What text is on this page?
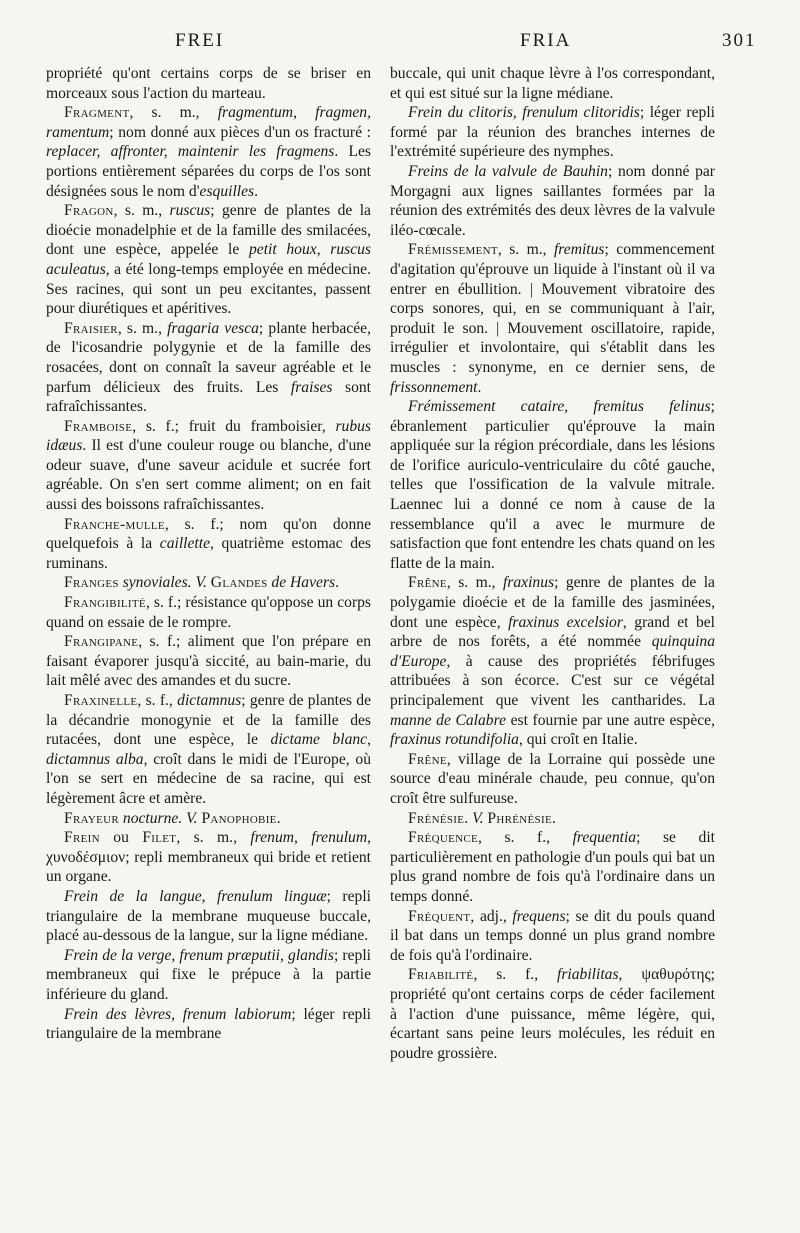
FREI	FRIA	301

propriété qu'ont certains corps de se briser en morceaux sous l'action du marteau.

Fragment, s. m., fragmentum, fragmen, ramentum; nom donné aux pièces d'un os fracturé : replacer, affronter, maintenir les fragmens. Les portions entièrement séparées du corps de l'os sont désignées sous le nom d'esquilles.

Fragon, s. m., ruscus; genre de plantes de la dioécie monadelphie et de la famille des smilacées, dont une espèce, appelée le petit houx, ruscus aculeatus, a été long-temps employée en médecine. Ses racines, qui sont un peu excitantes, passent pour diurétiques et apéritives.

Fraisier, s. m., fragaria vesca; plante herbacée, de l'icosandrie polygynie et de la famille des rosacées, dont on connaît la saveur agréable et le parfum délicieux des fruits. Les fraises sont rafraîchissantes.

Framboise, s. f.; fruit du framboisier, rubus idæus. Il est d'une couleur rouge ou blanche, d'une odeur suave, d'une saveur acidule et sucrée fort agréable. On s'en sert comme aliment; on en fait aussi des boissons rafraîchissantes.

Franche-mulle, s. f.; nom qu'on donne quelquefois à la caillette, quatrième estomac des ruminans.

Franges synoviales. V. Glandes de Havers.

Frangibilité, s. f.; résistance qu'oppose un corps quand on essaie de le rompre.

Frangipane, s. f.; aliment que l'on prépare en faisant évaporer jusqu'à siccité, au bain-marie, du lait mêlé avec des amandes et du sucre.

Fraxinelle, s. f., dictamnus; genre de plantes de la décandrie monogynie et de la famille des rutacées, dont une espèce, le dictame blanc, dictamnus alba, croît dans le midi de l'Europe, où l'on se sert en médecine de sa racine, qui est légèrement âcre et amère.

Frayeur nocturne. V. Panophobie.

Frein ou Filet, s. m., frenum, frenulum, χυνοδέσμιον; repli membraneux qui bride et retient un organe.

Frein de la langue, frenulum linguæ; repli triangulaire de la membrane muqueuse buccale, placé au-dessous de la langue, sur la ligne médiane.

Frein de la verge, frenum præputii, glandis; repli membraneux qui fixe le prépuce à la partie inférieure du gland.

Frein des lèvres, frenum labiorum; léger repli triangulaire de la membrane

buccale, qui unit chaque lèvre à l'os correspondant, et qui est situé sur la ligne médiane.

Frein du clitoris, frenulum clitoridis; léger repli formé par la réunion des branches internes de l'extrémité supérieure des nymphes.

Freins de la valvule de Bauhin; nom donné par Morgagni aux lignes saillantes formées par la réunion des extrémités des deux lèvres de la valvule iléo-cœcale.

Frémissement, s. m., fremitus; commencement d'agitation qu'éprouve un liquide à l'instant où il va entrer en ébullition. | Mouvement vibratoire des corps sonores, qui, en se communiquant à l'air, produit le son. | Mouvement oscillatoire, rapide, irrégulier et involontaire, qui s'établit dans les muscles : synonyme, en ce dernier sens, de frissonnement.

Frémissement cataire, fremitus felinus; ébranlement particulier qu'éprouve la main appliquée sur la région précordiale, dans les lésions de l'orifice auriculo-ventriculaire du côté gauche, telles que l'ossification de la valvule mitrale. Laennec lui a donné ce nom à cause de la ressemblance qu'il a avec le murmure de satisfaction que font entendre les chats quand on les flatte de la main.

Frêne, s. m., fraxinus; genre de plantes de la polygamie dioécie et de la famille des jasminées, dont une espèce, fraxinus excelsior, grand et bel arbre de nos forêts, a été nommée quinquina d'Europe, à cause des propriétés fébrifuges attribuées à son écorce. C'est sur ce végétal principalement que vivent les cantharides. La manne de Calabre est fournie par une autre espèce, fraxinus rotundifolia, qui croît en Italie.

Frêne, village de la Lorraine qui possède une source d'eau minérale chaude, peu connue, qu'on croît être sulfureuse.

Frénésie. V. Phrénésie.

Fréquence, s. f., frequentia; se dit particulièrement en pathologie d'un pouls qui bat un plus grand nombre de fois qu'à l'ordinaire dans un temps donné.

Fréquent, adj., frequens; se dit du pouls quand il bat dans un temps donné un plus grand nombre de fois qu'à l'ordinaire.

Friabilité, s. f., friabilitas, ψαθυρότης; propriété qu'ont certains corps de céder facilement à l'action d'une puissance, même légère, qui, écartant sans peine leurs molécules, les réduit en poudre grossière.
